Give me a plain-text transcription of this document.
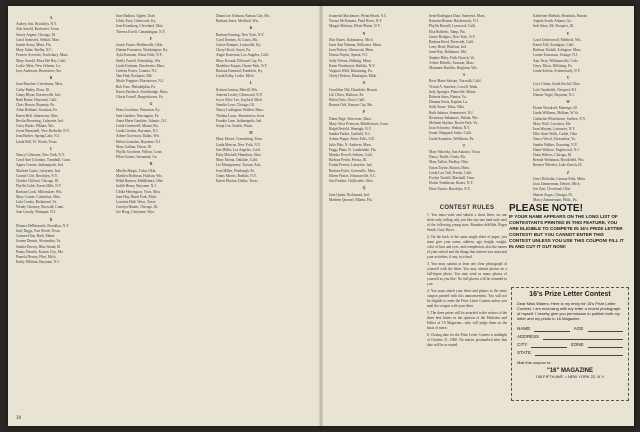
A
Audrey Ash, Brooklyn, N.Y.
Ada Arnold, Rochester, Texas
Stacey Argent, Chicago, Ill.
Carol Armisted, Selkirk, Man.
Jennie Avery, Mimi, Fla.
Mary Adair, Shelby, N.C.
Frances Acevedo, Tewksbury, Mass.
Mary Arnold, Flora Del Rey, Calif.
Leslie Allen, New Orleans, La.
Joey Anderson, Beaverton, Ore.
B
Joan Boucher, Creedmoor, Miss.
Cathy Bailey, Flora, Ill.
Ginny Blyan, Brewerville, Ind.
Barb Barne, Hayward, Calif.
Chris Brown, Bryantje, Pa.
Aline Bethune, Scranton, Pa.
Karen Bell, Johnstown, Ohio
Bevlin Browning, Lafayette, Ind.
Gerry Burke, Elkhart, Wis.
Jeyne Bazzanell, New Rochelle, N.Y.
Jean Barber, Spring Lake, N.J.
Linda Bell, Ft. Worth, Texas
C
Nancy Collusion, New York, N.Y.
Carol Ann Colombo, Trumbull, Conn.
Agnes Conner, Indianapolis, Ind.
Marlene Curtis, Lafayette, Ind.
Connie Cole, Brooklyn, N.Y.
Charles Clifford, Chicago, Ill.
Phyllis Cobb, Forest Hills, N.Y.
Barbara Cook, Milwaukee, Wis.
Mary Corner, Columbus, Ohio
Lulu Conley, Richmond, Va.
Wendy Chesney, Norwalk, Conn.
Ann Cassily, Wanaque, N.J.
D
Eleanor DeBernardo, Brooklyn, N.Y.
Judy Diggs, Fort Worth, Texas
Carmen Diaz, Bath, Maine
Joanne Dennis, Alexandria, Va.
Sandra Dorsey, Blue Island, Ill.
Penny Daniels, Kansas City, Mo.
Pamela Dewey, Flint, Mich.
Kathy Dillman, Bayonne, N.J.
June Endlow, Ogden, Utah
Libby Ezzy, Glenwood, Ky.
Jean Eisenberg, Cleveland, Ohio
Theresa Ewell, Canandaigua, N.Y.
F
Janice Foster, Holdenville, Okla.
Dianne Fornatese, Worthington, Ky.
Ayla Fontaine, Glens Falls, N.Y.
Shelly Farrell, Friendship, Wis.
Linda Fairman, Dorchester, Mass.
Carleen Foster, Catania, N.J.
Nan Fink, Rockport, Md.
Myrle Frappier, Morristown, N.J.
Bob Fuse, Philadelphia, Pa.
Karen Faiabeck, Southbridge, Mass.
Gloria Forsell, Burgettstown, Pa.
G
Dona Goodwin, Princeton, Ky.
Jane Gardner, Warrington, Pa.
Anna Marie Gauthier, Atlantic, N.J.
Linda Greenwell, Miami, Fla.
Linda Gordon, Bayonne, N.J.
Arlene Gorenson, Dallas, Wis.
Helen Gonzalez, Bayonne, N.J.
Mary Gallian, Dixon, Ill.
Phyllis Goodwin, Wilton, Conn.
Ellen Gomes, Savannah, Ga.
H
Mirella Hargis, Tulsa, Okla.
Marilyn Hoffman, Hudson, Wis.
Hilda Hansen, Middlebury, Ohio
Judith Henry, Bayonne, N.J.
Ulrike Herrington, Vicar, Miss.
Jane Hay, Hazel Park, Mich.
Lorraine Hall, Waco, Texas
Carolyn Hunter, Chicago, Ill.
Joe Hoag, Cheyenne, Wyo.
Diana Lee Johnson, Kansas City, Mo.
Barbara Jones, Medford, Wis.
K
Barbara Keating, New York, N.Y.
Carol Kenney, St. Louis, Mo.
Gracie Kemper, Louisville, Ky.
Cheryl Koch, Sayre, Pa.
Angie Kasterian, Los Angeles, Calif.
Mary Koszak, Ellwood City, Pa.
Madeline Kasper, Ozone Park, N.Y.
Barbara Kennard, Frankfort, Ky.
Linda Kirby, Leslie, Mich.
L
Kristen Lenton, Merrill, Wis.
Annette Lesley, Glenwood, N.Y.
Joyce Alice Lee, Gaylord, Mich.
Amelia Love, Chicago, Ill.
Nancy Ludington, Holden, Mass.
Thelma Lucas, Sharonview, Iowa
Frankie Lane, Indianapolis, Ind.
Sonja Lee, Seattle, Wash.
M
Mary Moore, Greensburg, Tenn.
Linda Marcus, New York, N.Y.
Sue Miller, Los Angeles, Calif.
Patty Mitchell, Hamilton, Ohio
Mary Moran, Oakdale, Calif.
Liz Montgomery, Tucson, Ariz.
Jean Miller, Pittsburgh, Pa.
Ginny Morris, Buffalo, N.Y.
Karen Morton, Dallas, Texas
38
CONTEST RULES

1. You must write and submit a short letter, on one sheet only, telling why you like any one (and only one) of the following young stars: Brandon deWilde, Roger Smith, Gary Bryce.

2. On the back of the same single sheet of paper, you must give your name, address, age, height, weight, color of hair and eyes, and complexion; also the names of your school and the things that interest you most and your activities, if any, in school.

3. You must submit at least one clear photograph of yourself with the letter. You may submit photos on a full-figure photo. You may send as many photos of yourself as you like. No full-photos will be returned to you.

4. You must attach your letter and photos to the entry coupon printed with this announcement. You will not be eligible to enter the Prize Letter Contest unless you mail the coupon with your letter.

5. The three prizes will be awarded to the writers of the three best letters in the opinion of the Publisher and Editor of 16 Magazine—who will judge them on the basis of merit.

6. Closing date for the Prize Letter Contest is midnight of October 31, 1960. No entries postmarked after that date will be accepted.

PLEASE NOTE!
IF YOUR NAME APPEARS ON THE LONG LIST OF CONTESTANTS PRINTED IN THIS FEATURE, YOU ARE ELIGIBLE TO COMPETE IN 16's PRIZE LETTER CONTEST! BUT YOU CANNOT ENTER THIS CONTEST UNLESS YOU USE THIS COUPON! FILL IT IN AND CUT IT OUT NOW!
16's Prize Letter Contest
Dear Miss Waters: Here is my entry for 16's Prize Letter Contest. I am enclosing with my letter a recent photograph of myself. I hereby give you permission to publish both my letter and my photo in 16 Magazine.
NAME	AGE
ADDRESS
CITY	ZONE
STATE
Mail this coupon to:
"16" MAGAZINE
745 FIFTH AVE. • NEW YORK 22, N.Y.
Jeannette Muchmore, Wynn Beach, S.C.
Norma McNamara, Pearl River, N.Y.
Margie Mahony, White Plains, N.Y.
N
Elin Nunes, Kalamazoo, Mich.
Janis Ann Nieman, Stillwater, Minn.
Joan Nelson, Glenwood, Minn.
Donna Naylor, Sparta, N.J.
Sally Nelson, Hibbing, Minn.
Karin Nordmeyer, Buffalo, N.Y.
Virginia Weld, Kittanning, Pa.
Cheryl Nelson, Muskegon, Mich.
O
Geraldine Ohl, Honolulu, Hawaii
Lili Oliver, Hatboro, Pa.
Helen Ortiz, Orosi, Calif.
Bonnie Orff, Kansas City, Mo.
P
Diane Page, Worcester, Mass.
Mary Alice Peterson, Middletown, Conn.
Ralph Perfeld, Wantagh, N.Y.
Sandra Parker, Garfield, N.J.
Arlene Poppe, Sioux Falls, S.D.
Julie Pike, N. Andover, Mass.
Peggy Plant, Ft. Lauderdale, Fla.
Marsha Powell, Salinas, Calif.
Barbara Pettitt, Peoria, Ill.
Fonda Powers, Lafayette, Ind.
Barbara Pyles, Greenville, Miss.
Eileen Prince, Johnsonville, S.C.
Sue Panther, Chillicothe, Ohio
Q
Jane Quinn, Richmond, Ind.
Marlene Quesnel, Miami, Fla.
Irene Rodriguez Diaz, Somerset, Mass.
Ramona Renner, Hackensack, N.J.
Phyllis Russell, Lynwood, Calif.
Elsa Robledo, Tamp, Fla.
Janice Rodgers, New York, N.Y.
Barbara Reed, Riverside, Calif.
Larry Reed, Bluffton, Ind.
Janet Ray, Baltimore, Md.
Stephie Riley, Falls Church, Va.
Arlene Rebello, Taunton, Mass.
Marianne Rachlin, Brighton, Wis.
S
Rose Marie Salvato, Norwalk, Calif.
Vivian A. Sanchez, Lowell, Wash.
Judy Springer, Plainville, Maine
Roberta Sims, Elmira, Va.
Deanna Sirois, Kaplan, La.
Sally Stone, Tulsa, Okla.
Ruth Salmon, Sommerset, N.J.
Rosemary Sakamoto, Pahala, Wis.
Melinda Skyline, Bowie Park, Va.
Joan Schwartz, Walnut, N.Y.
Jeanie Sheppard, Indio, Calif.
Linda Saunders, Wellsboro, Pa.
T
Mary Sikorsky, San Antonio, Texas
Nancy Tindle, Ocala, Fla.
Mary Talbot, Findlay, Ohio
Susan Taylor, Boston, Mass.
Linda Lou Tull, Fresno, Calif.
Evelyn Trudell, Marshall, Tenn.
Elaine Tomlinson, Bronx, N.Y.
Dena Turner, Brooklyn, N.Y.
Katherine Shehida, Honolulu, Hawaii
Angela South, Atlanta, Ga.
Judi Short, Mt. Prospect, Ill.
U
Carol Underwood, Medford, Wis.
Karen Tull, Southgate, Calif.
Barbara Tindall, Arlington, Mass.
Louise Tomasson, Orange, N.J.
Ann Terry, Williamsville, Colo.
Gerry Tilton, Dillsburg, Pa.
Linda Soleria, Schenectady, N.Y.
V
Lucy Urban, South Euclid, Ohio
Lola Vanderbilt, Newport, R.I.
Dianne Vogel, Bayonne, N.J.
W
Elaine Woodruff, Marengo, Ill.
Linda Williams, Midlam, W.Va.
Catherine Whitehouse, Suffern, N.Y.
Mary Wolf, Lewiston, Me.
Joan Weyant, Lancaster, N.Y.
Ellie Anne Walls, Cadde, Ohio
Nancy Wood, Alexandria, Va.
Sandra Walker, Ossoning, N.Y.
Diane Wallace, Englewood, N.J.
Dona Walters, Chicago, Ill.
Brenda Weitzman, Brookfield, Wis.
Bernice Wheeler, Lake Zurich, Ill.
Z
Gerri DeJardin, Cannon Falls, Minn.
Joan Zimmerman, Detroit, Mich.
Jeri Zutt, Cleveland, Ohio
Sharon Zogas, Chicago, Ill.
Marcy Zimmerman, Phila., Pa.
